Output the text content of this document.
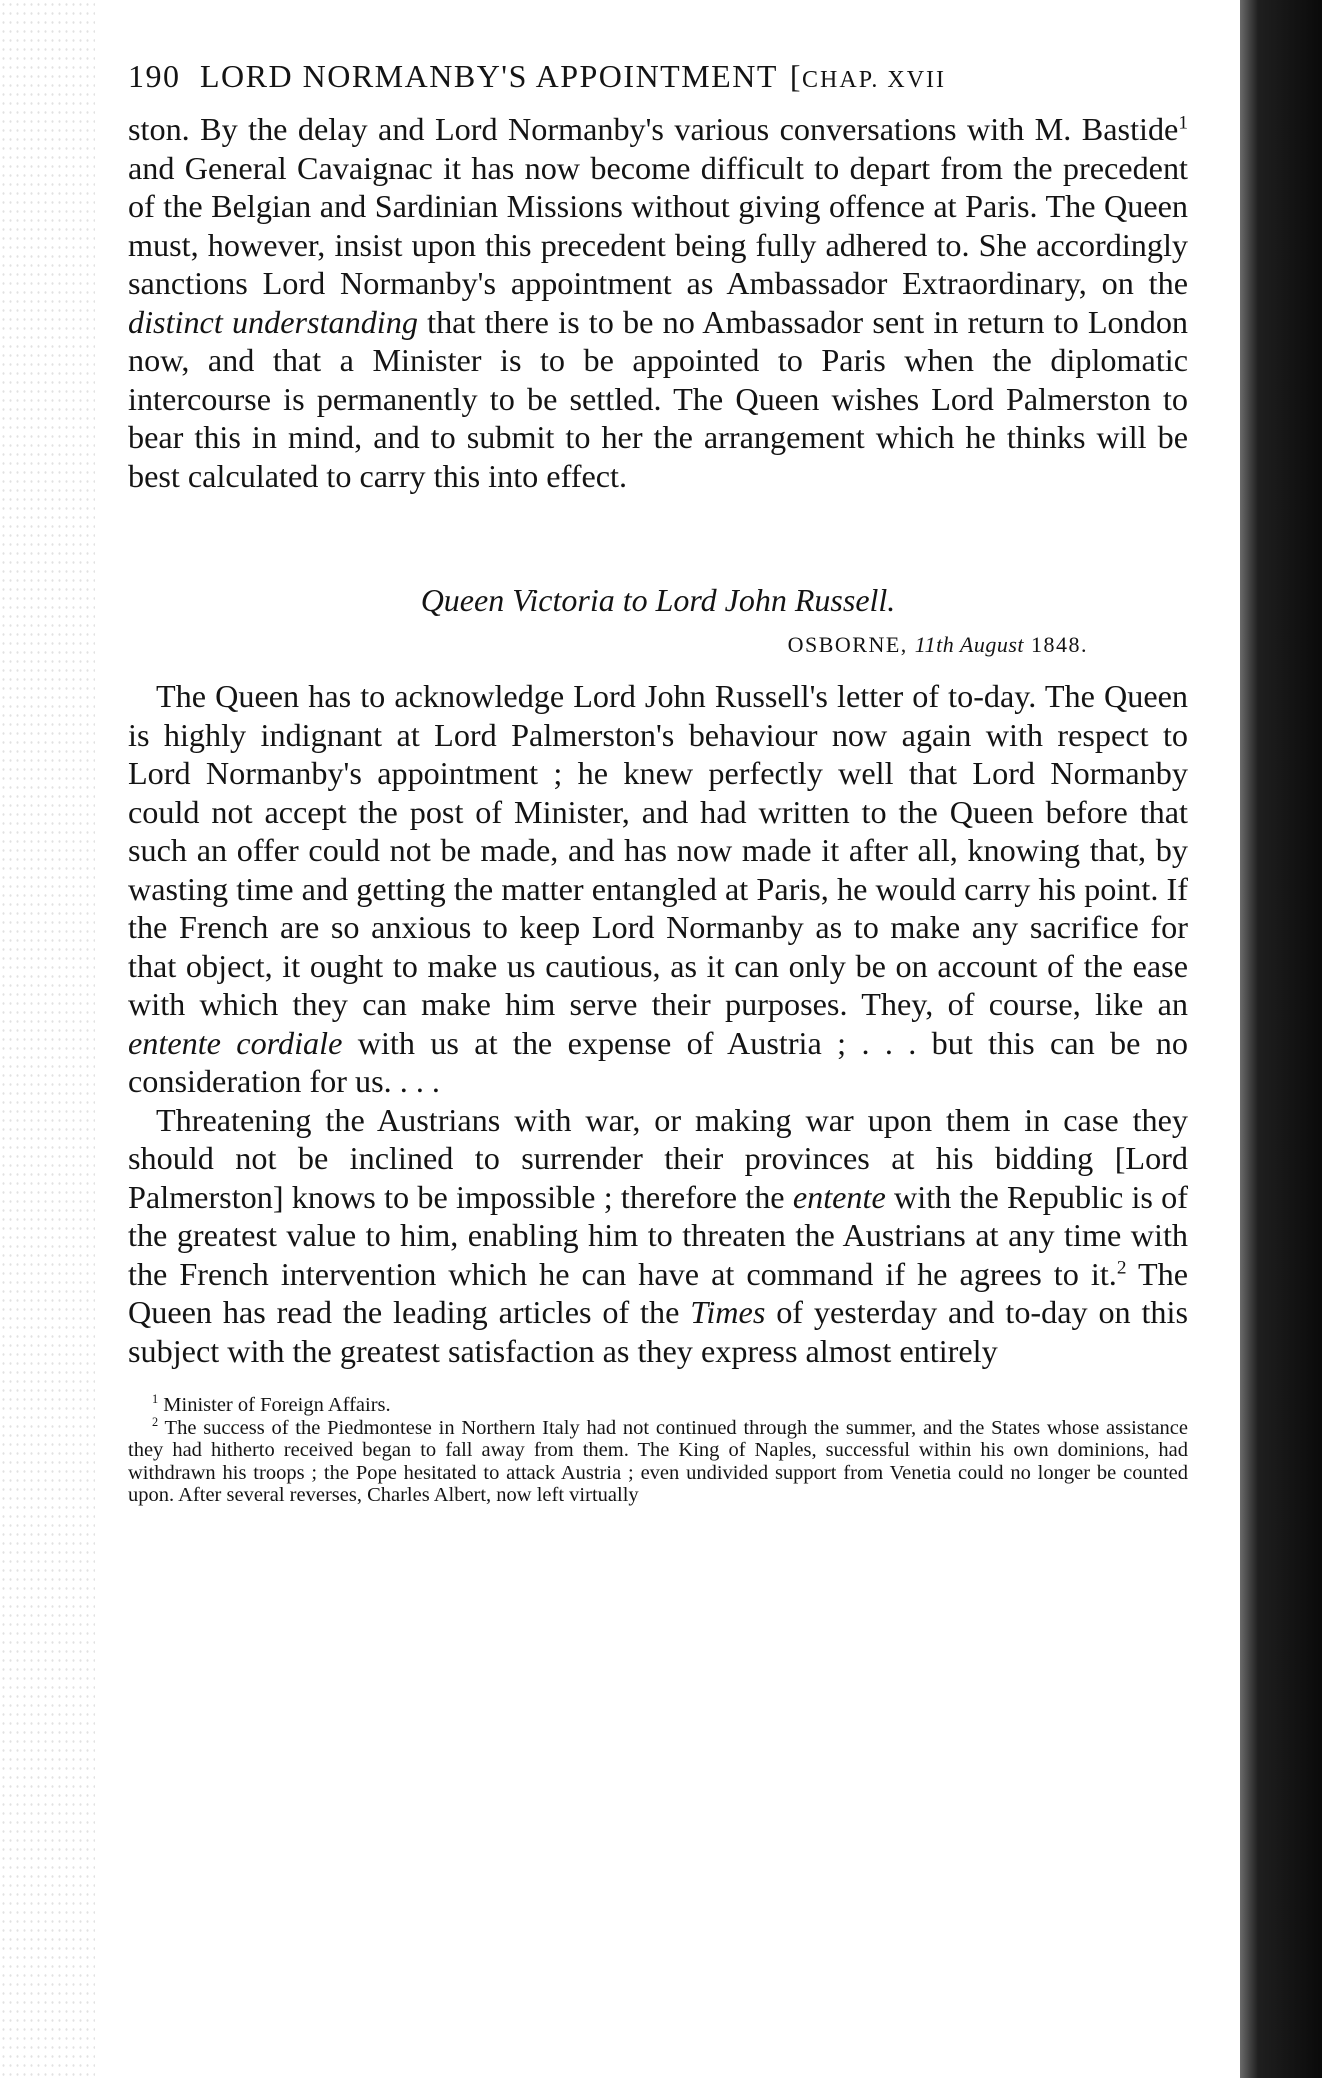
190 LORD NORMANBY'S APPOINTMENT [ CHAP. XVII

ston. By the delay and Lord Normanby's various conversations with M. Bastide$^1$ and General Cavaignac it has now become difficult to depart from the precedent of the Belgian and Sardinian Missions without giving offence at Paris. The Queen must, however, insist upon this precedent being fully adhered to. She accordingly sanctions Lord Normanby's appointment as Ambassador Extraordinary, on the distinct understanding that there is to be no Ambassador sent in return to London now, and that a Minister is to be appointed to Paris when the diplomatic intercourse is permanently to be settled. The Queen wishes Lord Palmerston to bear this in mind, and to submit to her the arrangement which he thinks will be best calculated to carry this into effect.

Queen Victoria to Lord John Russell.
OSBORNE, 11th August 1848.

The Queen has to acknowledge Lord John Russell's letter of to-day. The Queen is highly indignant at Lord Palmerston's behaviour now again with respect to Lord Normanby's appointment ; he knew perfectly well that Lord Normanby could not accept the post of Minister, and had written to the Queen before that such an offer could not be made, and has now made it after all, knowing that, by wasting time and getting the matter entangled at Paris, he would carry his point. If the French are so anxious to keep Lord Normanby as to make any sacrifice for that object, it ought to make us cautious, as it can only be on account of the ease with which they can make him serve their purposes. They, of course, like an entente cordiale with us at the expense of Austria ; . . . but this can be no consideration for us. . . .

Threatening the Austrians with war, or making war upon them in case they should not be inclined to surrender their provinces at his bidding [Lord Palmerston] knows to be impossible ; therefore the entente with the Republic is of the greatest value to him, enabling him to threaten the Austrians at any time with the French intervention which he can have at command if he agrees to it.$^2$ The Queen has read the leading articles of the Times of yesterday and to-day on this subject with the greatest satisfaction as they express almost entirely

$^1$ Minister of Foreign Affairs.

$^2$ The success of the Piedmontese in Northern Italy had not continued through the summer, and the States whose assistance they had hitherto received began to fall away from them. The King of Naples, successful within his own dominions, had withdrawn his troops ; the Pope hesitated to attack Austria ; even undivided support from Venetia could no longer be counted upon. After several reverses, Charles Albert, now left virtually
